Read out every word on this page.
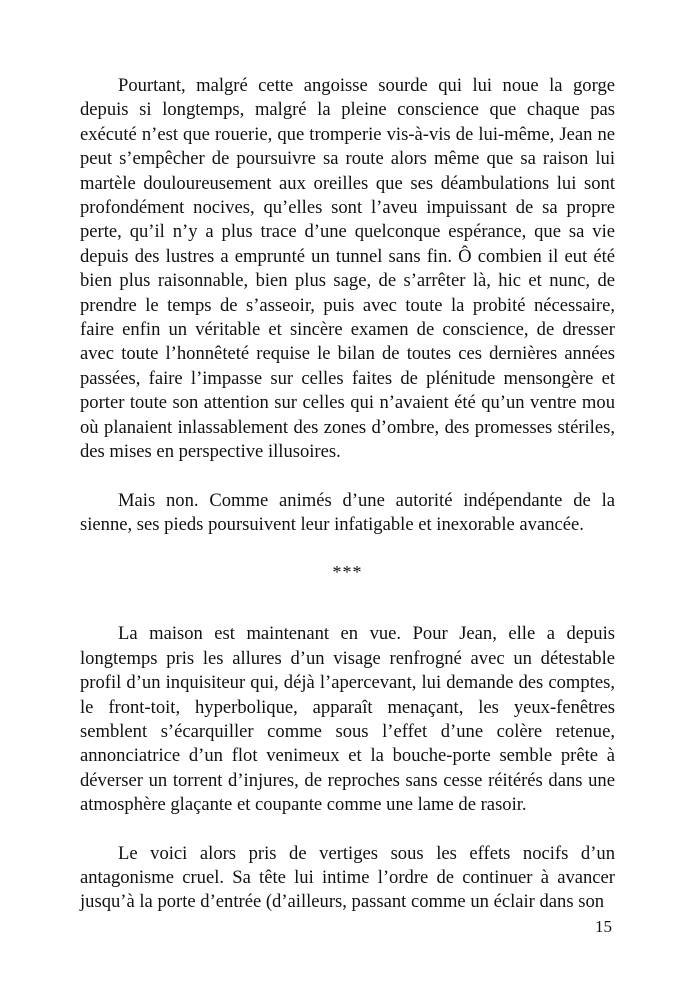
Pourtant, malgré cette angoisse sourde qui lui noue la gorge depuis si longtemps, malgré la pleine conscience que chaque pas exécuté n’est que rouerie, que tromperie vis-à-vis de lui-même, Jean ne peut s’empêcher de poursuivre sa route alors même que sa raison lui martèle douloureusement aux oreilles que ses déambulations lui sont profondément nocives, qu’elles sont l’aveu impuissant de sa propre perte, qu’il n’y a plus trace d’une quelconque espérance, que sa vie depuis des lustres a emprunté un tunnel sans fin. Ô combien il eut été bien plus raisonnable, bien plus sage, de s’arrêter là, hic et nunc, de prendre le temps de s’asseoir, puis avec toute la probité nécessaire, faire enfin un véritable et sincère examen de conscience, de dresser avec toute l’honnêteté requise le bilan de toutes ces dernières années passées, faire l’impasse sur celles faites de plénitude mensongère et porter toute son attention sur celles qui n’avaient été qu’un ventre mou où planaient inlassablement des zones d’ombre, des promesses stériles, des mises en perspective illusoires.

Mais non. Comme animés d’une autorité indépendante de la sienne, ses pieds poursuivent leur infatigable et inexorable avancée.

***

La maison est maintenant en vue. Pour Jean, elle a depuis longtemps pris les allures d’un visage renfrogné avec un détestable profil d’un inquisiteur qui, déjà l’apercevant, lui demande des comptes, le front-toit, hyperbolique, apparaît menaçant, les yeux-fenêtres semblent s’écarquiller comme sous l’effet d’une colère retenue, annonciatrice d’un flot venimeux et la bouche-porte semble prête à déverser un torrent d’injures, de reproches sans cesse réitérés dans une atmosphère glaçante et coupante comme une lame de rasoir.

Le voici alors pris de vertiges sous les effets nocifs d’un antagonisme cruel. Sa tête lui intime l’ordre de continuer à avancer jusqu’à la porte d’entrée (d’ailleurs, passant comme un éclair dans son

15
